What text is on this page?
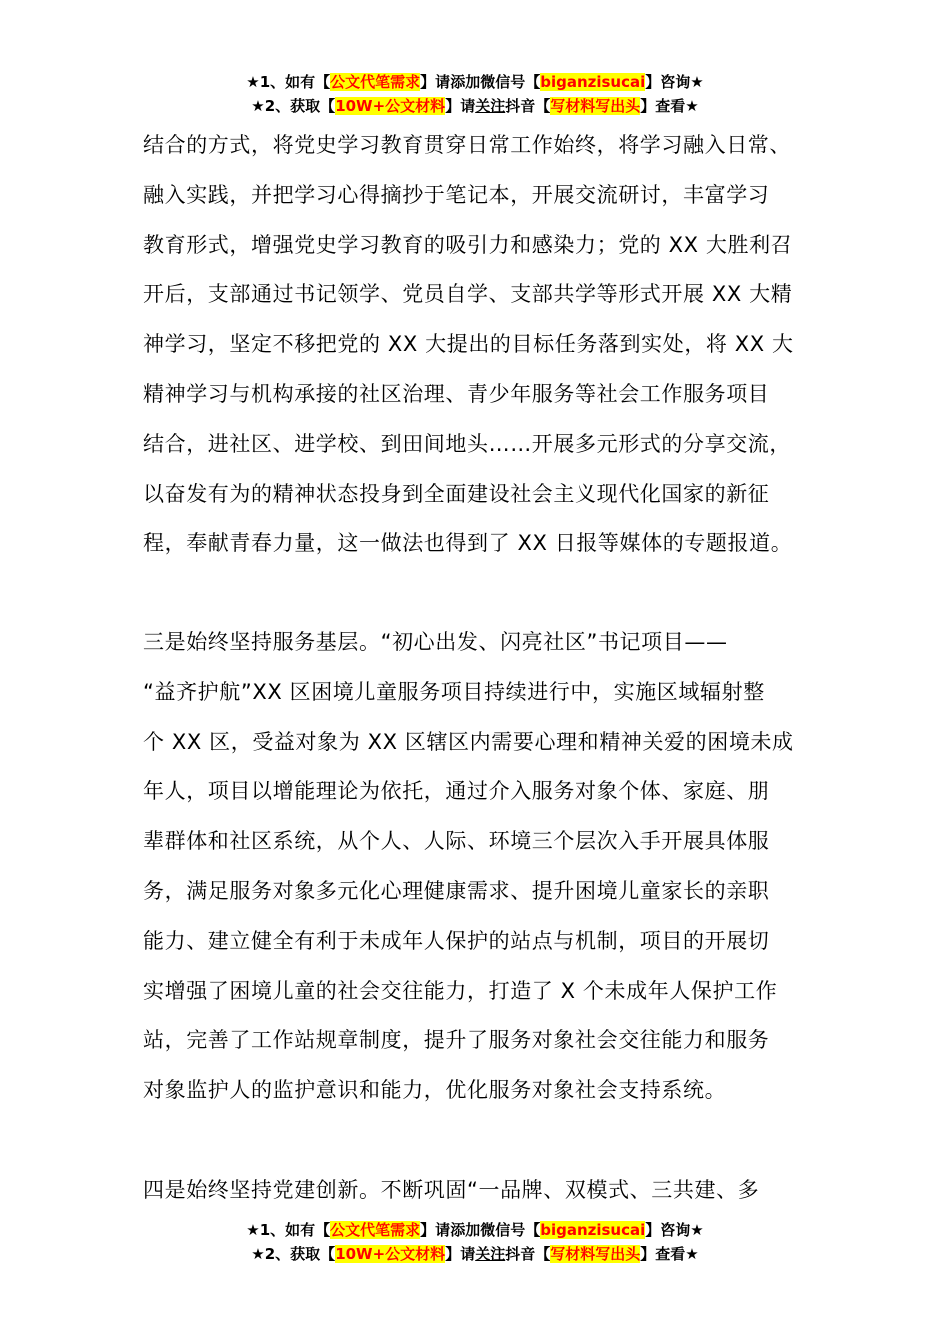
★1、如有【公文代笔需求】请添加微信号【biganzisucai】咨询★
★2、获取【10W+公文材料】请关注抖音【写材料写出头】查看★
结合的方式，将党史学习教育贯穿日常工作始终，将学习融入日常、
融入实践，并把学习心得摘抄于笔记本，开展交流研讨，丰富学习
教育形式，增强党史学习教育的吸引力和感染力；党的 XX 大胜利召
开后，支部通过书记领学、党员自学、支部共学等形式开展 XX 大精
神学习，坚定不移把党的 XX 大提出的目标任务落到实处，将 XX 大
精神学习与机构承接的社区治理、青少年服务等社会工作服务项目
结合，进社区、进学校、到田间地头……开展多元形式的分享交流，
以奋发有为的精神状态投身到全面建设社会主义现代化国家的新征
程，奉献青春力量，这一做法也得到了 XX 日报等媒体的专题报道。
三是始终坚持服务基层。“初心出发、闪亮社区”书记项目——
“益齐护航”XX 区困境儿童服务项目持续进行中，实施区域辐射整
个 XX 区，受益对象为 XX 区辖区内需要心理和精神关爱的困境未成
年人，项目以增能理论为依托，通过介入服务对象个体、家庭、朋
辈群体和社区系统，从个人、人际、环境三个层次入手开展具体服
务，满足服务对象多元化心理健康需求、提升困境儿童家长的亲职
能力、建立健全有利于未成年人保护的站点与机制，项目的开展切
实增强了困境儿童的社会交往能力，打造了 X 个未成年人保护工作
站，完善了工作站规章制度，提升了服务对象社会交往能力和服务
对象监护人的监护意识和能力，优化服务对象社会支持系统。
四是始终坚持党建创新。不断巩固“一品牌、双模式、三共建、多
★1、如有【公文代笔需求】请添加微信号【biganzisucai】咨询★
★2、获取【10W+公文材料】请关注抖音【写材料写出头】查看★
